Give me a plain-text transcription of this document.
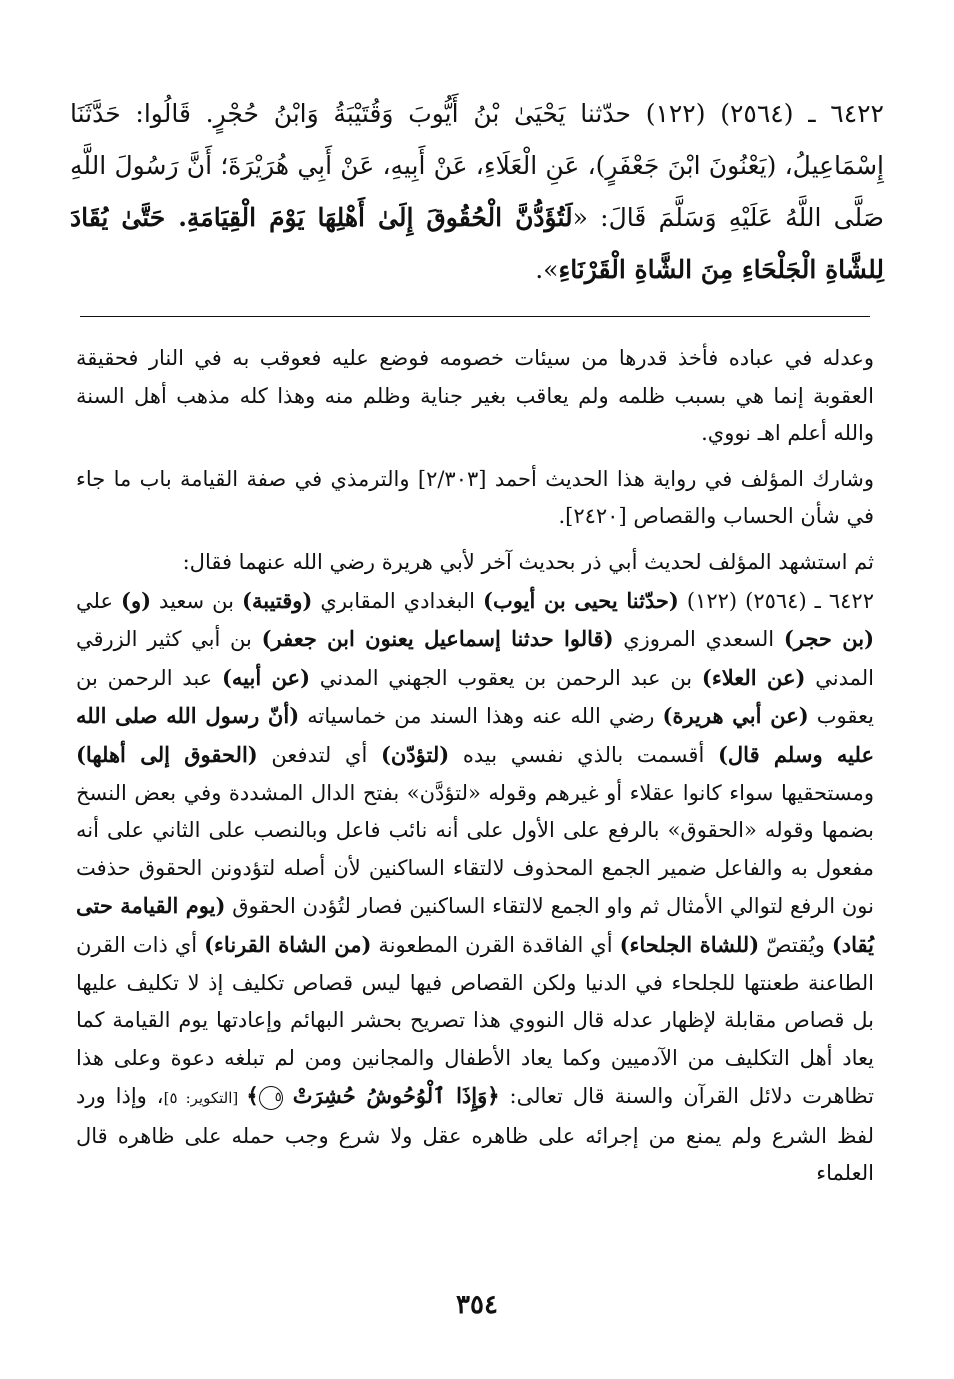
٦٤٢٢ ـ (٢٥٦٤) (١٢٢) حدّثنا يَحْيَىٰ بْنُ أَيُّوبَ وَقُتَيْبَةُ وَابْنُ حُجْرٍ. قَالُوا: حَدَّثَنَا إِسْمَاعِيلُ، (يَعْنُونَ ابْنَ جَعْفَرٍ)، عَنِ الْعَلَاءِ، عَنْ أَبِيهِ، عَنْ أَبِي هُرَيْرَةَ؛ أَنَّ رَسُولَ اللَّهِ صَلَّى اللَّهُ عَلَيْهِ وَسَلَّمَ قَالَ: «لَتُؤَدُّنَّ الْحُقُوقَ إِلَىٰ أَهْلِهَا يَوْمَ الْقِيَامَةِ. حَتَّىٰ يُقَادَ لِلشَّاةِ الْجَلْحَاءِ مِنَ الشَّاةِ الْقَرْنَاءِ».

وعدله في عباده فأخذ قدرها من سيئات خصومه فوضع عليه فعوقب به في النار فحقيقة العقوبة إنما هي بسبب ظلمه ولم يعاقب بغير جناية وظلم منه وهذا كله مذهب أهل السنة والله أعلم اهـ نووي.

وشارك المؤلف في رواية هذا الحديث أحمد [٢/٣٠٣] والترمذي في صفة القيامة باب ما جاء في شأن الحساب والقصاص [٢٤٢٠].

ثم استشهد المؤلف لحديث أبي ذر بحديث آخر لأبي هريرة رضي الله عنهما فقال:

٦٤٢٢ ـ (٢٥٦٤) (١٢٢) (حدّثنا يحيى بن أيوب) البغدادي المقابري (وقتيبة) بن سعيد (و) علي (بن حجر) السعدي المروزي (قالوا حدثنا إسماعيل يعنون ابن جعفر) بن أبي كثير الزرقي المدني (عن العلاء) بن عبد الرحمن بن يعقوب الجهني المدني (عن أبيه) عبد الرحمن بن يعقوب (عن أبي هريرة) رضي الله عنه وهذا السند من خماسياته (أنّ رسول الله صلى الله عليه وسلم قال) أقسمت بالذي نفسي بيده (لتؤدّن) أي لتدفعن (الحقوق إلى أهلها) ومستحقيها سواء كانوا عقلاء أو غيرهم وقوله «لتؤدَّن» بفتح الدال المشددة وفي بعض النسخ بضمها وقوله «الحقوق» بالرفع على الأول على أنه نائب فاعل وبالنصب على الثاني على أنه مفعول به والفاعل ضمير الجمع المحذوف لالتقاء الساكنين لأن أصله لتؤدونن الحقوق حذفت نون الرفع لتوالي الأمثال ثم واو الجمع لالتقاء الساكنين فصار لتُؤدن الحقوق (يوم القيامة حتى يُقاد) ويُقتصّ (للشاة الجلحاء) أي الفاقدة القرن المطعونة (من الشاة القرناء) أي ذات القرن الطاعنة طعنتها للجلحاء في الدنيا ولكن القصاص فيها ليس قصاص تكليف إذ لا تكليف عليها بل قصاص مقابلة لإظهار عدله قال النووي هذا تصريح بحشر البهائم وإعادتها يوم القيامة كما يعاد أهل التكليف من الآدميين وكما يعاد الأطفال والمجانين ومن لم تبلغه دعوة وعلى هذا تظاهرت دلائل القرآن والسنة قال تعالى: ﴿وَإِذَا ٱلْوُحُوشُ حُشِرَتْ ٥﴾ [التكوير: ٥]، وإذا ورد لفظ الشرع ولم يمنع من إجرائه على ظاهره عقل ولا شرع وجب حمله على ظاهره قال العلماء

٣٥٤
